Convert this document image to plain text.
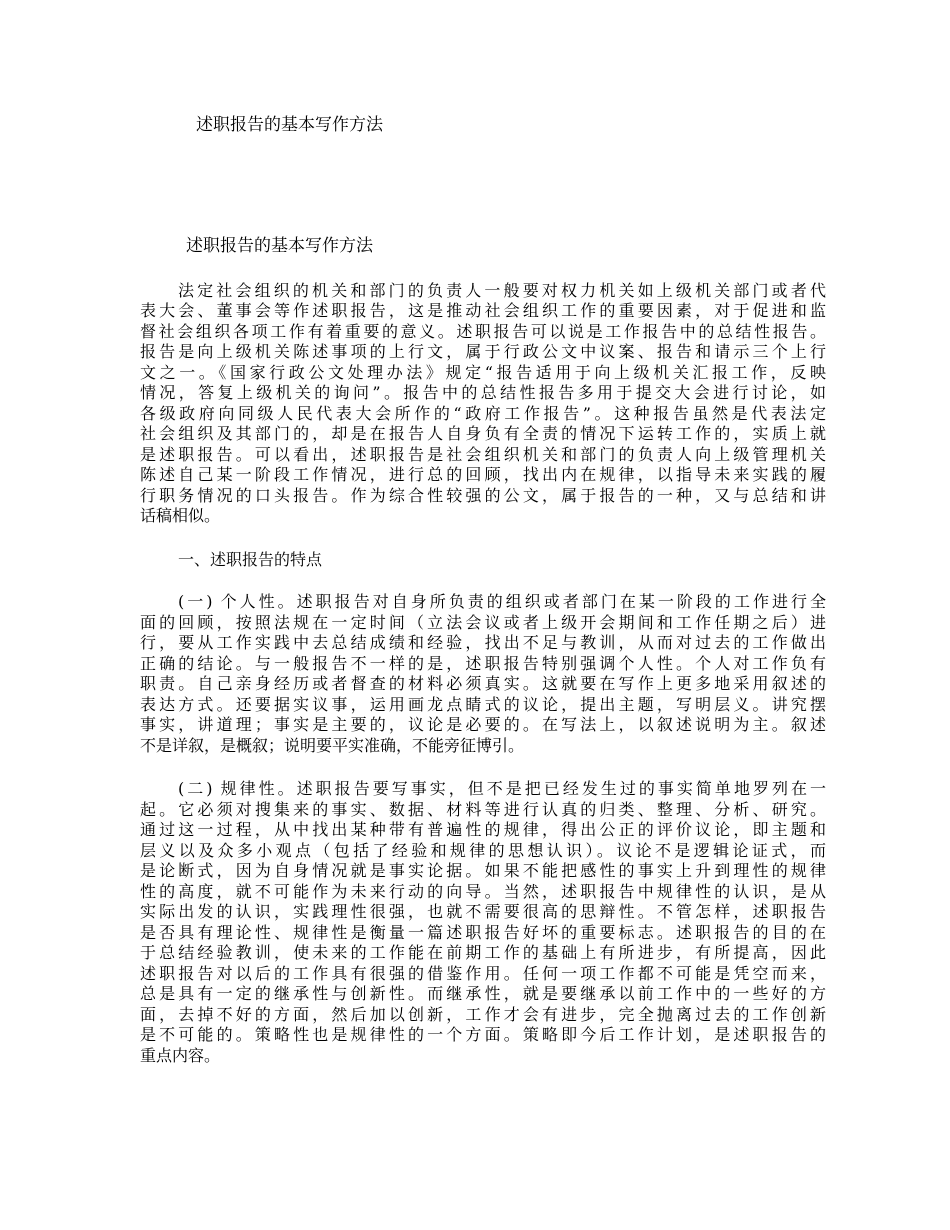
述职报告的基本写作方法
述职报告的基本写作方法
法定社会组织的机关和部门的负责人一般要对权力机关如上级机关部门或者代
表大会、董事会等作述职报告，这是推动社会组织工作的重要因素，对于促进和监
督社会组织各项工作有着重要的意义。述职报告可以说是工作报告中的总结性报告。
报告是向上级机关陈述事项的上行文，属于行政公文中议案、报告和请示三个上行
文之一。《国家行政公文处理办法》规定“报告适用于向上级机关汇报工作，反映
情况，答复上级机关的询问”。报告中的总结性报告多用于提交大会进行讨论，如
各级政府向同级人民代表大会所作的“政府工作报告”。这种报告虽然是代表法定
社会组织及其部门的，却是在报告人自身负有全责的情况下运转工作的，实质上就
是述职报告。可以看出，述职报告是社会组织机关和部门的负责人向上级管理机关
陈述自己某一阶段工作情况，进行总的回顾，找出内在规律，以指导未来实践的履
行职务情况的口头报告。作为综合性较强的公文，属于报告的一种，又与总结和讲
话稿相似。
一、述职报告的特点
(一) 个人性。述职报告对自身所负责的组织或者部门在某一阶段的工作进行全
面的回顾，按照法规在一定时间（立法会议或者上级开会期间和工作任期之后）进
行，要从工作实践中去总结成绩和经验，找出不足与教训，从而对过去的工作做出
正确的结论。与一般报告不一样的是，述职报告特别强调个人性。个人对工作负有
职责。自己亲身经历或者督查的材料必须真实。这就要在写作上更多地采用叙述的
表达方式。还要据实议事，运用画龙点睛式的议论，提出主题，写明层义。讲究摆
事实，讲道理；事实是主要的，议论是必要的。在写法上，以叙述说明为主。叙述
不是详叙，是概叙；说明要平实准确，不能旁征博引。
(二) 规律性。述职报告要写事实，但不是把已经发生过的事实简单地罗列在一
起。它必须对搜集来的事实、数据、材料等进行认真的归类、整理、分析、研究。
通过这一过程，从中找出某种带有普遍性的规律，得出公正的评价议论，即主题和
层义以及众多小观点（包括了经验和规律的思想认识）。议论不是逻辑论证式，而
是论断式，因为自身情况就是事实论据。如果不能把感性的事实上升到理性的规律
性的高度，就不可能作为未来行动的向导。当然，述职报告中规律性的认识，是从
实际出发的认识，实践理性很强，也就不需要很高的思辩性。不管怎样，述职报告
是否具有理论性、规律性是衡量一篇述职报告好坏的重要标志。述职报告的目的在
于总结经验教训，使未来的工作能在前期工作的基础上有所进步，有所提高，因此
述职报告对以后的工作具有很强的借鉴作用。任何一项工作都不可能是凭空而来，
总是具有一定的继承性与创新性。而继承性，就是要继承以前工作中的一些好的方
面，去掉不好的方面，然后加以创新，工作才会有进步，完全抛离过去的工作创新
是不可能的。策略性也是规律性的一个方面。策略即今后工作计划，是述职报告的
重点内容。
